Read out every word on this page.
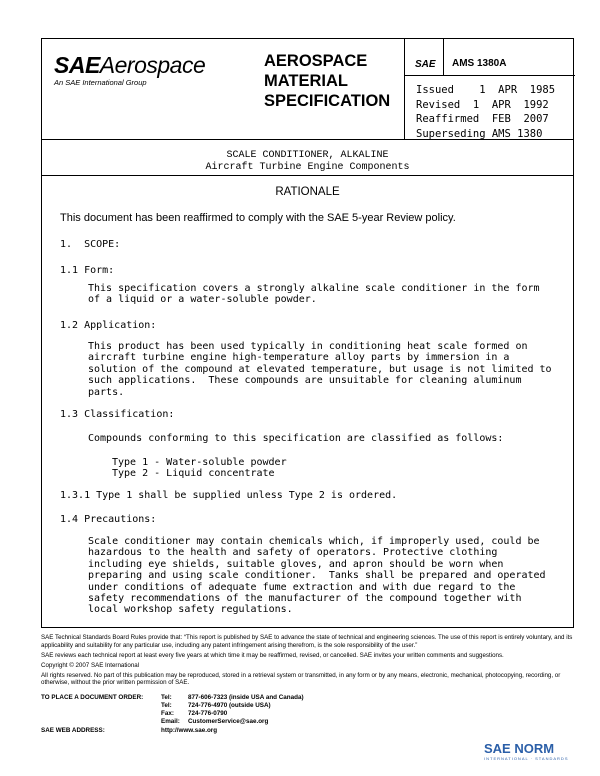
SAEAerospace
An SAE International Group
AEROSPACE
MATERIAL
SPECIFICATION
SAE AMS 1380A
Issued    1  APR  1985
Revised  1  APR  1992
Reaffirmed  FEB  2007
Superseding AMS 1380
SCALE CONDITIONER, ALKALINE
Aircraft Turbine Engine Components
RATIONALE
This document has been reaffirmed to comply with the SAE 5-year Review policy.
1.  SCOPE:
1.1 Form:
This specification covers a strongly alkaline scale conditioner in the form
of a liquid or a water-soluble powder.
1.2 Application:
This product has been used typically in conditioning heat scale formed on
aircraft turbine engine high-temperature alloy parts by immersion in a
solution of the compound at elevated temperature, but usage is not limited to
such applications.  These compounds are unsuitable for cleaning aluminum
parts.
1.3 Classification:
Compounds conforming to this specification are classified as follows:
Type 1 - Water-soluble powder
Type 2 - Liquid concentrate
1.3.1 Type 1 shall be supplied unless Type 2 is ordered.
1.4 Precautions:
Scale conditioner may contain chemicals which, if improperly used, could be
hazardous to the health and safety of operators. Protective clothing
including eye shields, suitable gloves, and apron should be worn when
preparing and using scale conditioner.  Tanks shall be prepared and operated
under conditions of adequate fume extraction and with due regard to the
safety recommendations of the manufacturer of the compound together with
local workshop safety regulations.

SAE Technical Standards Board Rules provide that: “This report is published by SAE to advance the state of technical and engineering sciences. The use of this report is entirely voluntary, and its applicability and suitability for any particular use, including any patent infringement arising therefrom, is the sole responsibility of the user.”

SAE reviews each technical report at least every five years at which time it may be reaffirmed, revised, or cancelled. SAE invites your written comments and suggestions.

Copyright © 2007 SAE International

All rights reserved. No part of this publication may be reproduced, stored in a retrieval system or transmitted, in any form or by any means, electronic, mechanical, photocopying, recording, or otherwise, without the prior written permission of SAE.

TO PLACE A DOCUMENT ORDER:	Tel:	877-606-7323 (inside USA and Canada)
Tel:	724-776-4970 (outside USA)
Fax: 724-776-0790
Email: CustomerService@sae.org
SAE WEB ADDRESS:	http://www.sae.org
SAE NORM
INTERNATIONAL · STANDARDS
